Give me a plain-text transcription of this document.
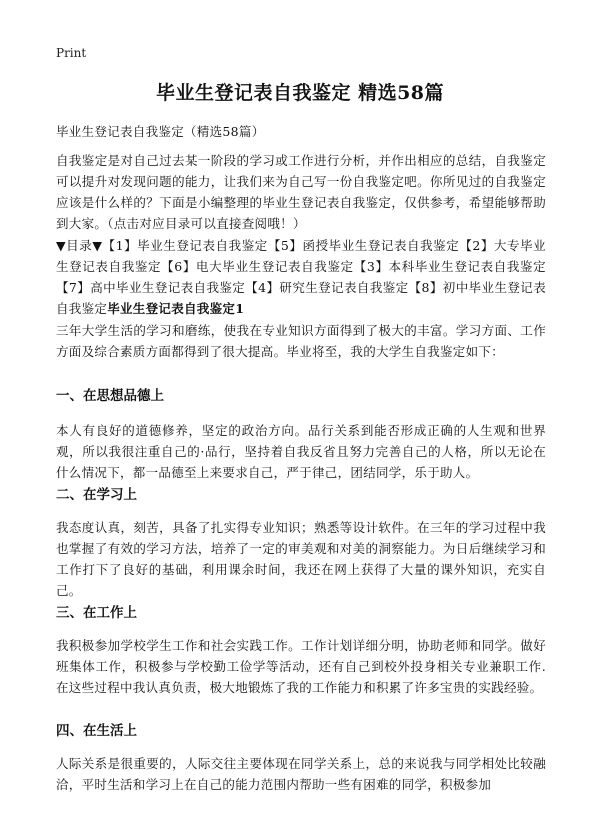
Print
毕业生登记表自我鉴定 精选58篇
毕业生登记表自我鉴定（精选58篇）
自我鉴定是对自己过去某一阶段的学习或工作进行分析，并作出相应的总结，自我鉴定可以提升对发现问题的能力，让我们来为自己写一份自我鉴定吧。你所见过的自我鉴定应该是什么样的？下面是小编整理的毕业生登记表自我鉴定，仅供参考，希望能够帮助到大家。（点击对应目录可以直接查阅哦！）
▼目录▼【1】毕业生登记表自我鉴定【5】函授毕业生登记表自我鉴定【2】大专毕业生登记表自我鉴定【6】电大毕业生登记表自我鉴定【3】本科毕业生登记表自我鉴定【7】高中毕业生登记表自我鉴定【4】研究生登记表自我鉴定【8】初中毕业生登记表自我鉴定毕业生登记表自我鉴定1
三年大学生活的学习和磨练，使我在专业知识方面得到了极大的丰富。学习方面、工作方面及综合素质方面都得到了很大提高。毕业将至，我的大学生自我鉴定如下：
一、在思想品德上
本人有良好的道德修养，坚定的政治方向。品行关系到能否形成正确的人生观和世界观，所以我很注重自己的·品行，坚持着自我反省且努力完善自己的人格，所以无论在什么情况下，都一品德至上来要求自己，严于律己，团结同学，乐于助人。
二、在学习上
我态度认真，刻苦，具备了扎实得专业知识；熟悉等设计软件。在三年的学习过程中我也掌握了有效的学习方法，培养了一定的审美观和对美的洞察能力。为日后继续学习和工作打下了良好的基础，利用课余时间，我还在网上获得了大量的课外知识，充实自己。
三、在工作上
我积极参加学校学生工作和社会实践工作。工作计划详细分明，协助老师和同学。做好班集体工作，积极参与学校勤工俭学等活动，还有自己到校外投身相关专业兼职工作.在这些过程中我认真负责，极大地锻炼了我的工作能力和积累了许多宝贵的实践经验。
四、在生活上
人际关系是很重要的，人际交往主要体现在同学关系上，总的来说我与同学相处比较融洽，平时生活和学习上在自己的能力范围内帮助一些有困难的同学，积极参加
